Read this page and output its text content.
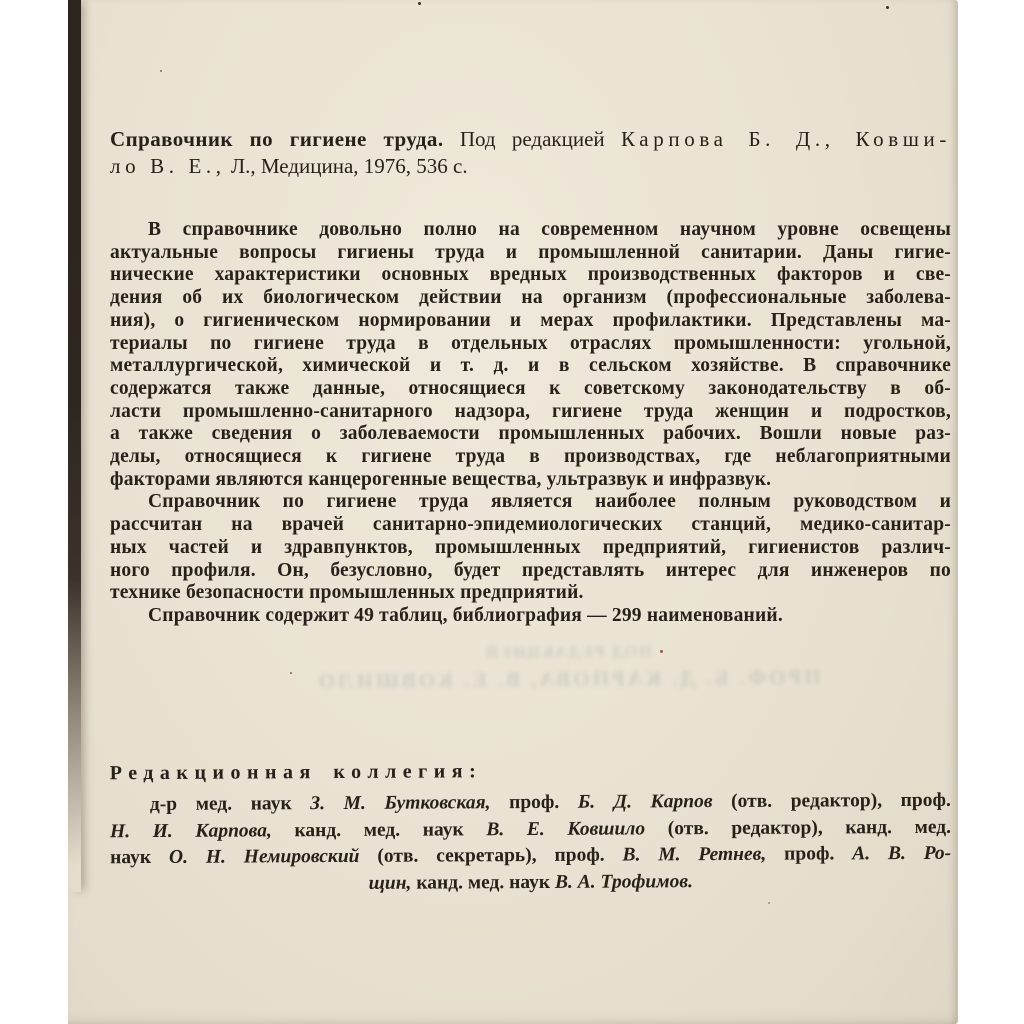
Справочник по гигиене труда. Под редакцией Карпова Б. Д., Ковши-
ло В. Е., Л., Медицина, 1976, 536 с.
В справочнике довольно полно на современном научном уровне освещены
актуальные вопросы гигиены труда и промышленной санитарии. Даны гигие-
нические характеристики основных вредных производственных факторов и све-
дения об их биологическом действии на организм (профессиональные заболева-
ния), о гигиеническом нормировании и мерах профилактики. Представлены ма-
териалы по гигиене труда в отдельных отраслях промышленности: угольной,
металлургической, химической и т. д. и в сельском хозяйстве. В справочнике
содержатся также данные, относящиеся к советскому законодательству в об-
ласти промышленно-санитарного надзора, гигиене труда женщин и подростков,
а также сведения о заболеваемости промышленных рабочих. Вошли новые раз-
делы, относящиеся к гигиене труда в производствах, где неблагоприятными
факторами являются канцерогенные вещества, ультразвук и инфразвук.
Справочник по гигиене труда является наиболее полным руководством и
рассчитан на врачей санитарно-эпидемиологических станций, медико-санитар-
ных частей и здравпунктов, промышленных предприятий, гигиенистов различ-
ного профиля. Он, безусловно, будет представлять интерес для инженеров по
технике безопасности промышленных предприятий.
Справочник содержит 49 таблиц, библиография — 299 наименований.
ПОД РЕДАКЦИЕЙ
ПРОФ. Б. Д. КАРПОВА, В. Е. КОВШИЛО
Редакционная коллегия:
д-р мед. наук З. М. Бутковская, проф. Б. Д. Карпов (отв. редактор), проф.
Н. И. Карпова, канд. мед. наук В. Е. Ковшило (отв. редактор), канд. мед.
наук О. Н. Немировский (отв. секретарь), проф. В. М. Ретнев, проф. А. В. Ро-
щин, канд. мед. наук В. А. Трофимов.
